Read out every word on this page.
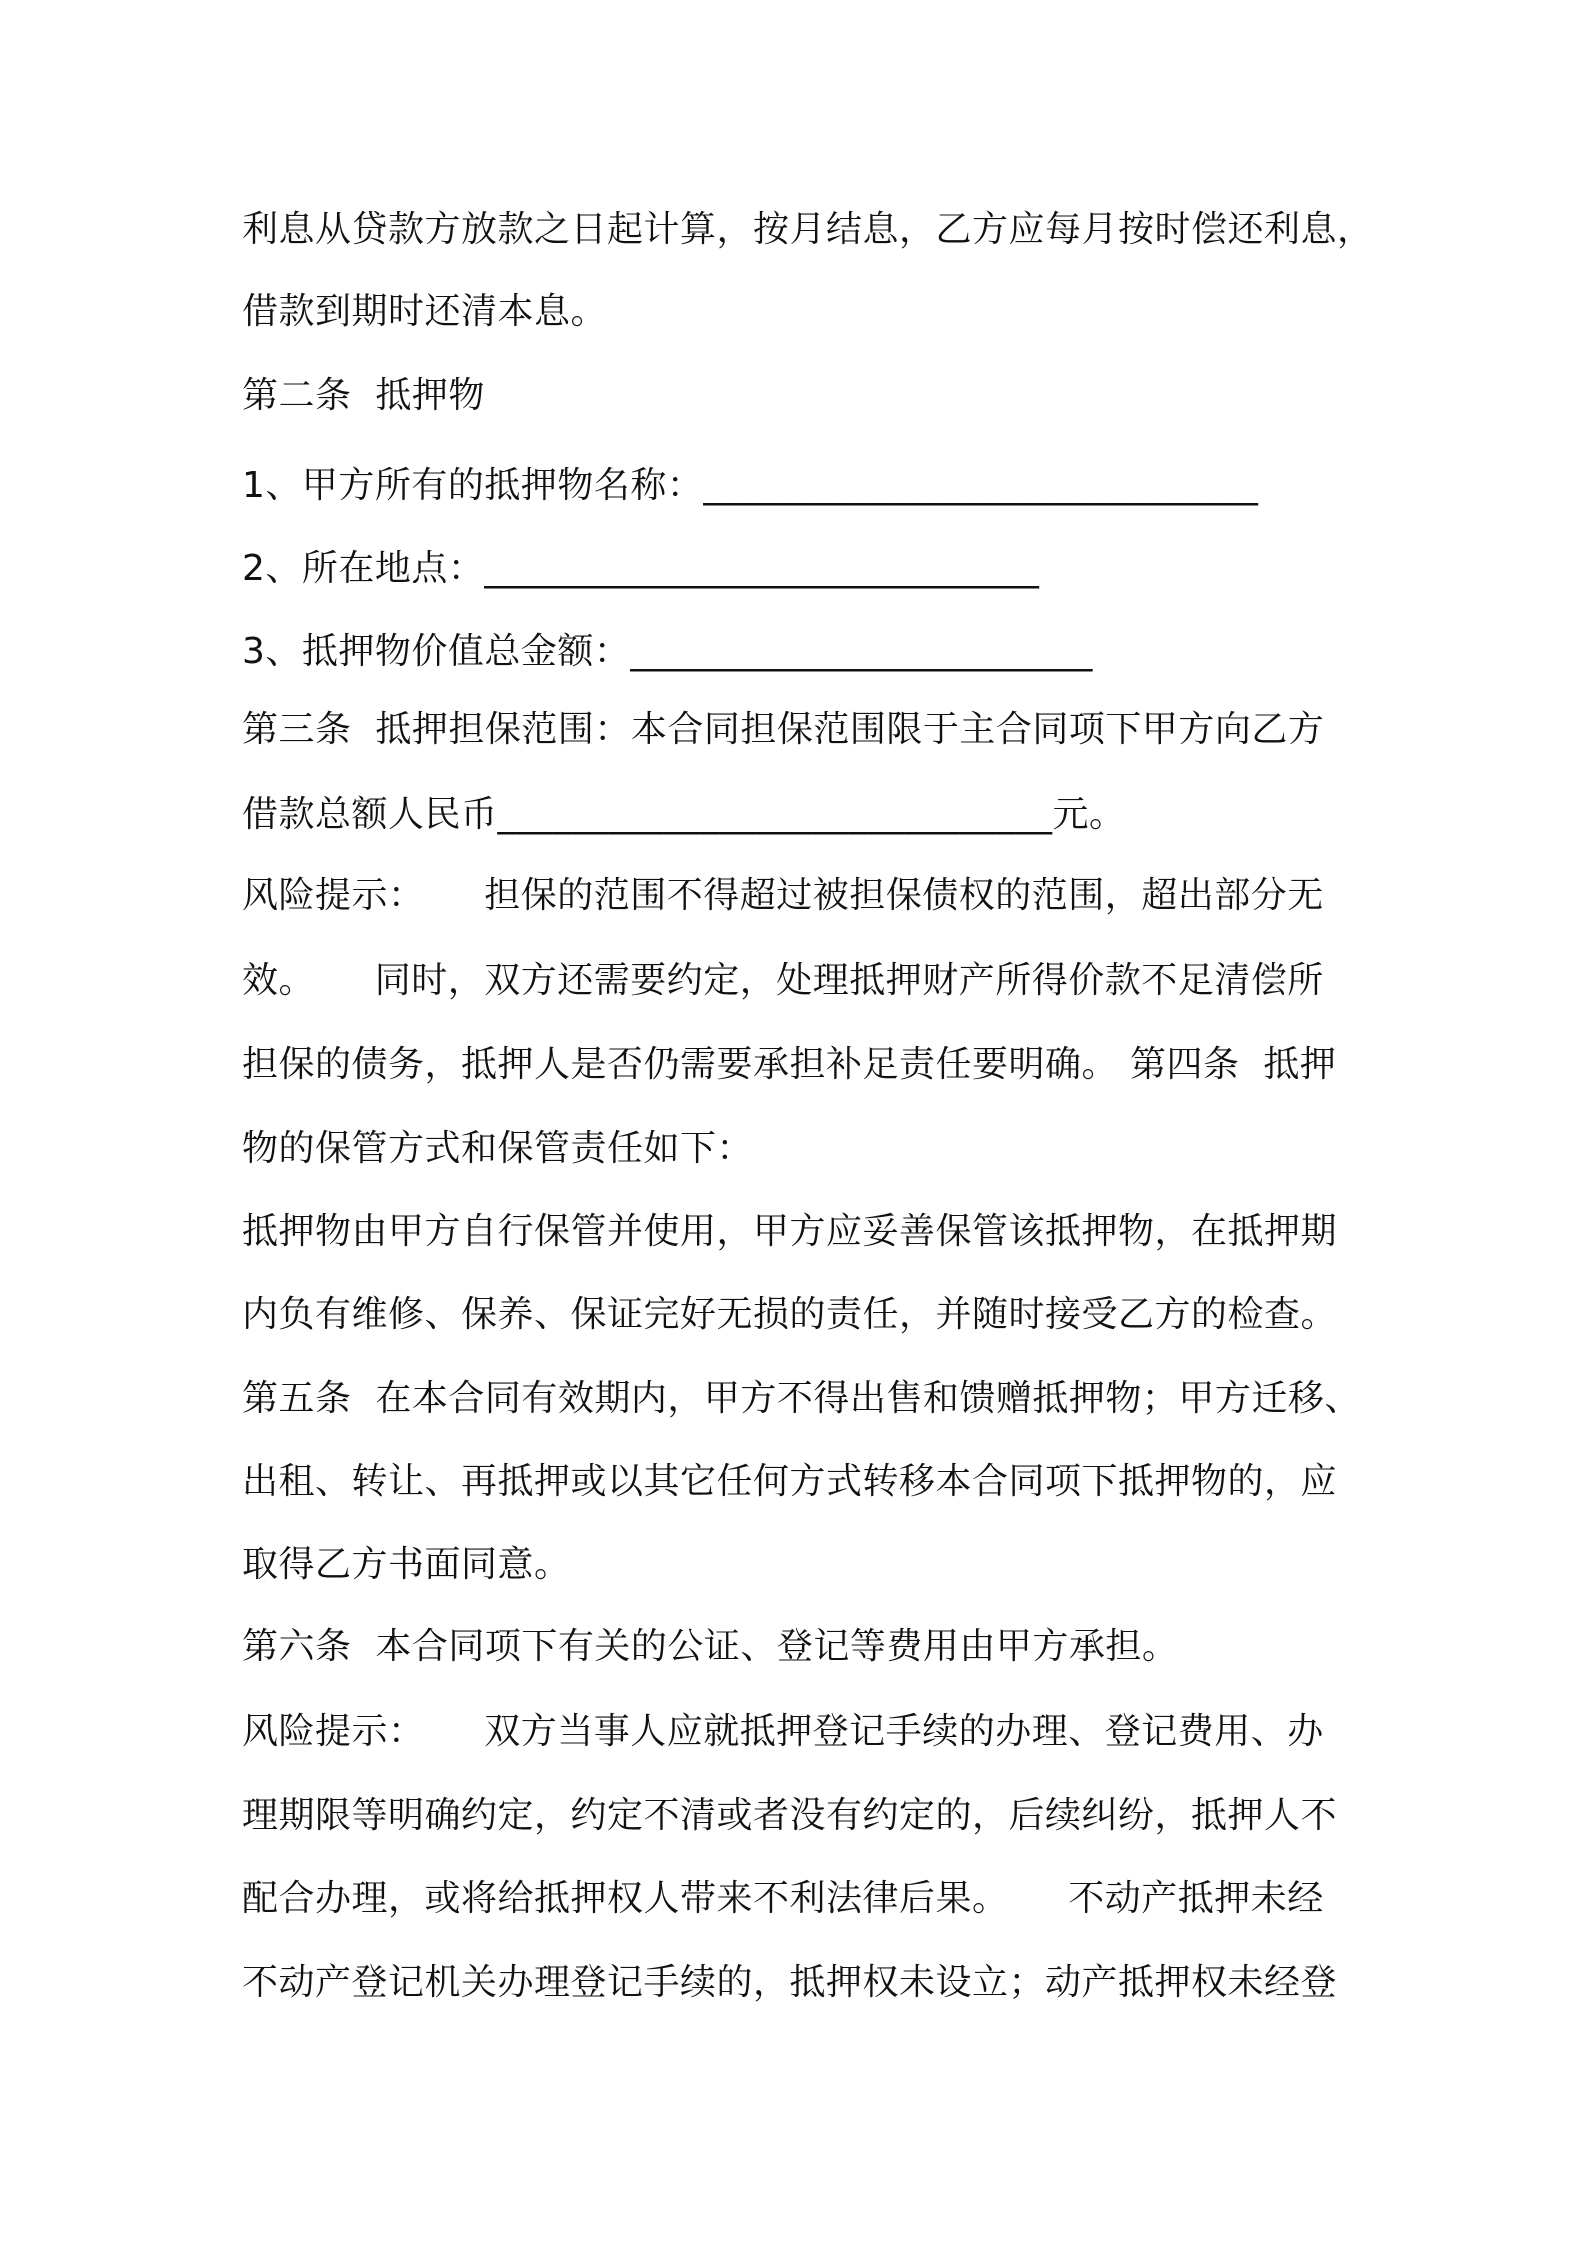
利息从贷款方放款之日起计算，按月结息，乙方应每月按时偿还利息，
借款到期时还清本息。
第二条  抵押物
1、甲方所有的抵押物名称：______________________________
2、所在地点：______________________________
3、抵押物价值总金额：_________________________
第三条  抵押担保范围：本合同担保范围限于主合同项下甲方向乙方
借款总额人民币______________________________元。
风险提示：     担保的范围不得超过被担保债权的范围，超出部分无
效。     同时，双方还需要约定，处理抵押财产所得价款不足清偿所
担保的债务，抵押人是否仍需要承担补足责任要明确。 第四条  抵押
物的保管方式和保管责任如下：
抵押物由甲方自行保管并使用，甲方应妥善保管该抵押物，在抵押期
内负有维修、保养、保证完好无损的责任，并随时接受乙方的检查。
第五条  在本合同有效期内，甲方不得出售和馈赠抵押物；甲方迁移、
出租、转让、再抵押或以其它任何方式转移本合同项下抵押物的，应
取得乙方书面同意。
第六条  本合同项下有关的公证、登记等费用由甲方承担。
风险提示：     双方当事人应就抵押登记手续的办理、登记费用、办
理期限等明确约定，约定不清或者没有约定的，后续纠纷，抵押人不
配合办理，或将给抵押权人带来不利法律后果。     不动产抵押未经
不动产登记机关办理登记手续的，抵押权未设立；动产抵押权未经登
